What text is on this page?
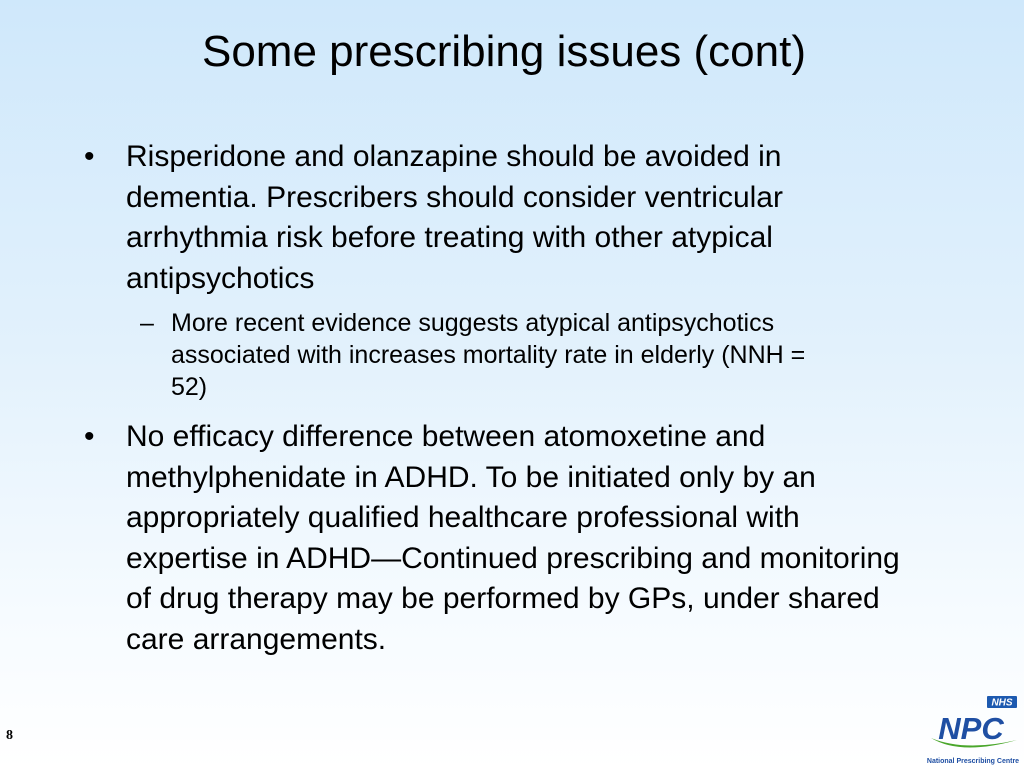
Some prescribing issues (cont)
•	Risperidone and olanzapine should be avoided in dementia. Prescribers should consider ventricular arrhythmia risk before treating with other atypical antipsychotics
– More recent evidence suggests atypical antipsychotics associated with increases mortality rate in elderly (NNH = 52)
•	No efficacy difference between atomoxetine and methylphenidate in ADHD. To be initiated only by an appropriately qualified healthcare professional with expertise in ADHD—Continued prescribing and monitoring of drug therapy may be performed by GPs, under shared care arrangements.
8
NHS
NPC
National Prescribing Centre
